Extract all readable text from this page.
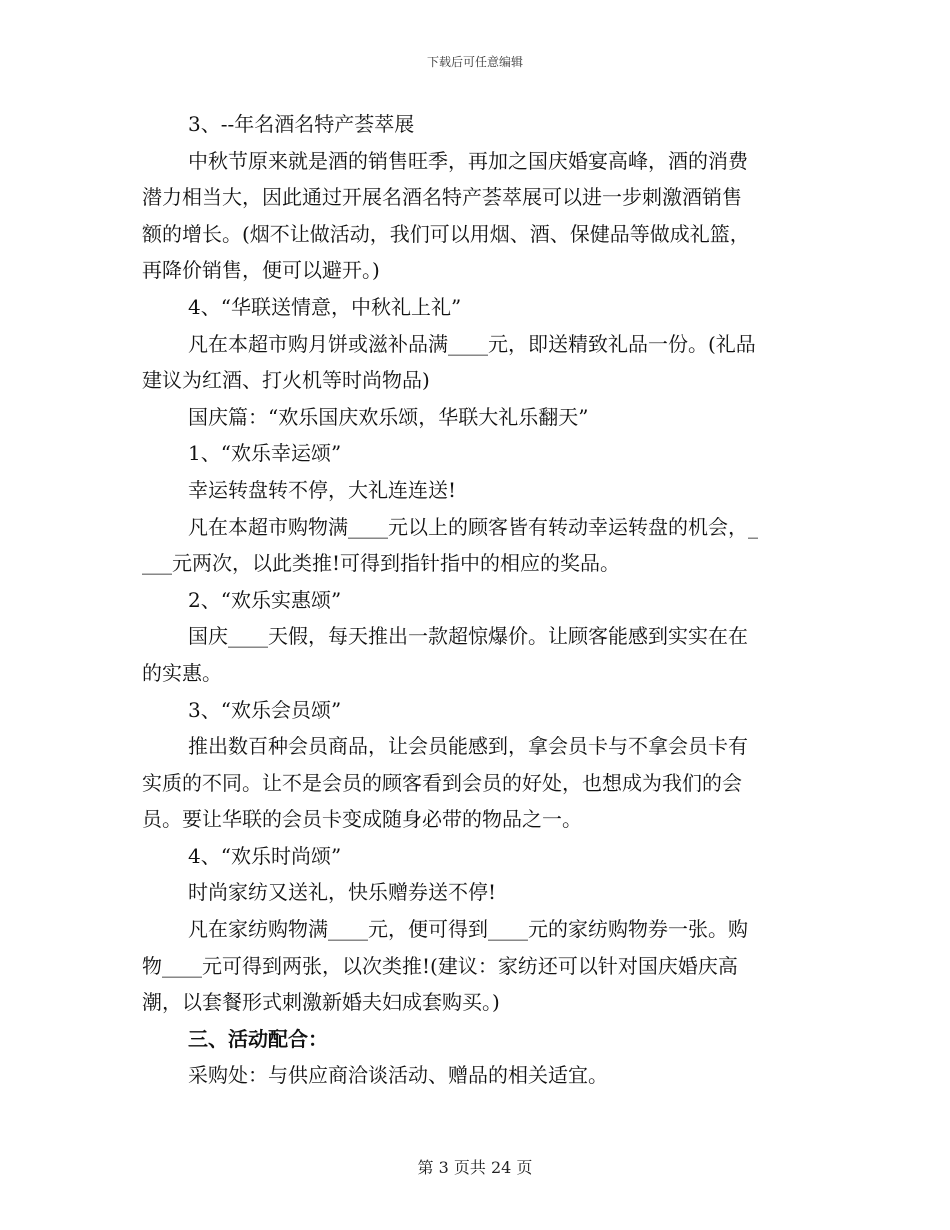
下载后可任意编辑
3、--年名酒名特产荟萃展
中秋节原来就是酒的销售旺季，再加之国庆婚宴高峰，酒的消费
潜力相当大，因此通过开展名酒名特产荟萃展可以进一步刺激酒销售
额的增长。(烟不让做活动，我们可以用烟、酒、保健品等做成礼篮，
再降价销售，便可以避开。)
4、“华联送情意，中秋礼上礼”
凡在本超市购月饼或滋补品满____元，即送精致礼品一份。(礼品
建议为红酒、打火机等时尚物品)
国庆篇：“欢乐国庆欢乐颂，华联大礼乐翻天”
1、“欢乐幸运颂”
幸运转盘转不停，大礼连连送!
凡在本超市购物满____元以上的顾客皆有转动幸运转盘的机会，_
___元两次，以此类推!可得到指针指中的相应的奖品。
2、“欢乐实惠颂”
国庆____天假，每天推出一款超惊爆价。让顾客能感到实实在在
的实惠。
3、“欢乐会员颂”
推出数百种会员商品，让会员能感到，拿会员卡与不拿会员卡有
实质的不同。让不是会员的顾客看到会员的好处，也想成为我们的会
员。要让华联的会员卡变成随身必带的物品之一。
4、“欢乐时尚颂”
时尚家纺又送礼，快乐赠券送不停!
凡在家纺购物满____元，便可得到____元的家纺购物券一张。购
物____元可得到两张，以次类推!(建议：家纺还可以针对国庆婚庆高
潮，以套餐形式刺激新婚夫妇成套购买。)
三、活动配合：
采购处：与供应商洽谈活动、赠品的相关适宜。
第 3 页共 24 页
